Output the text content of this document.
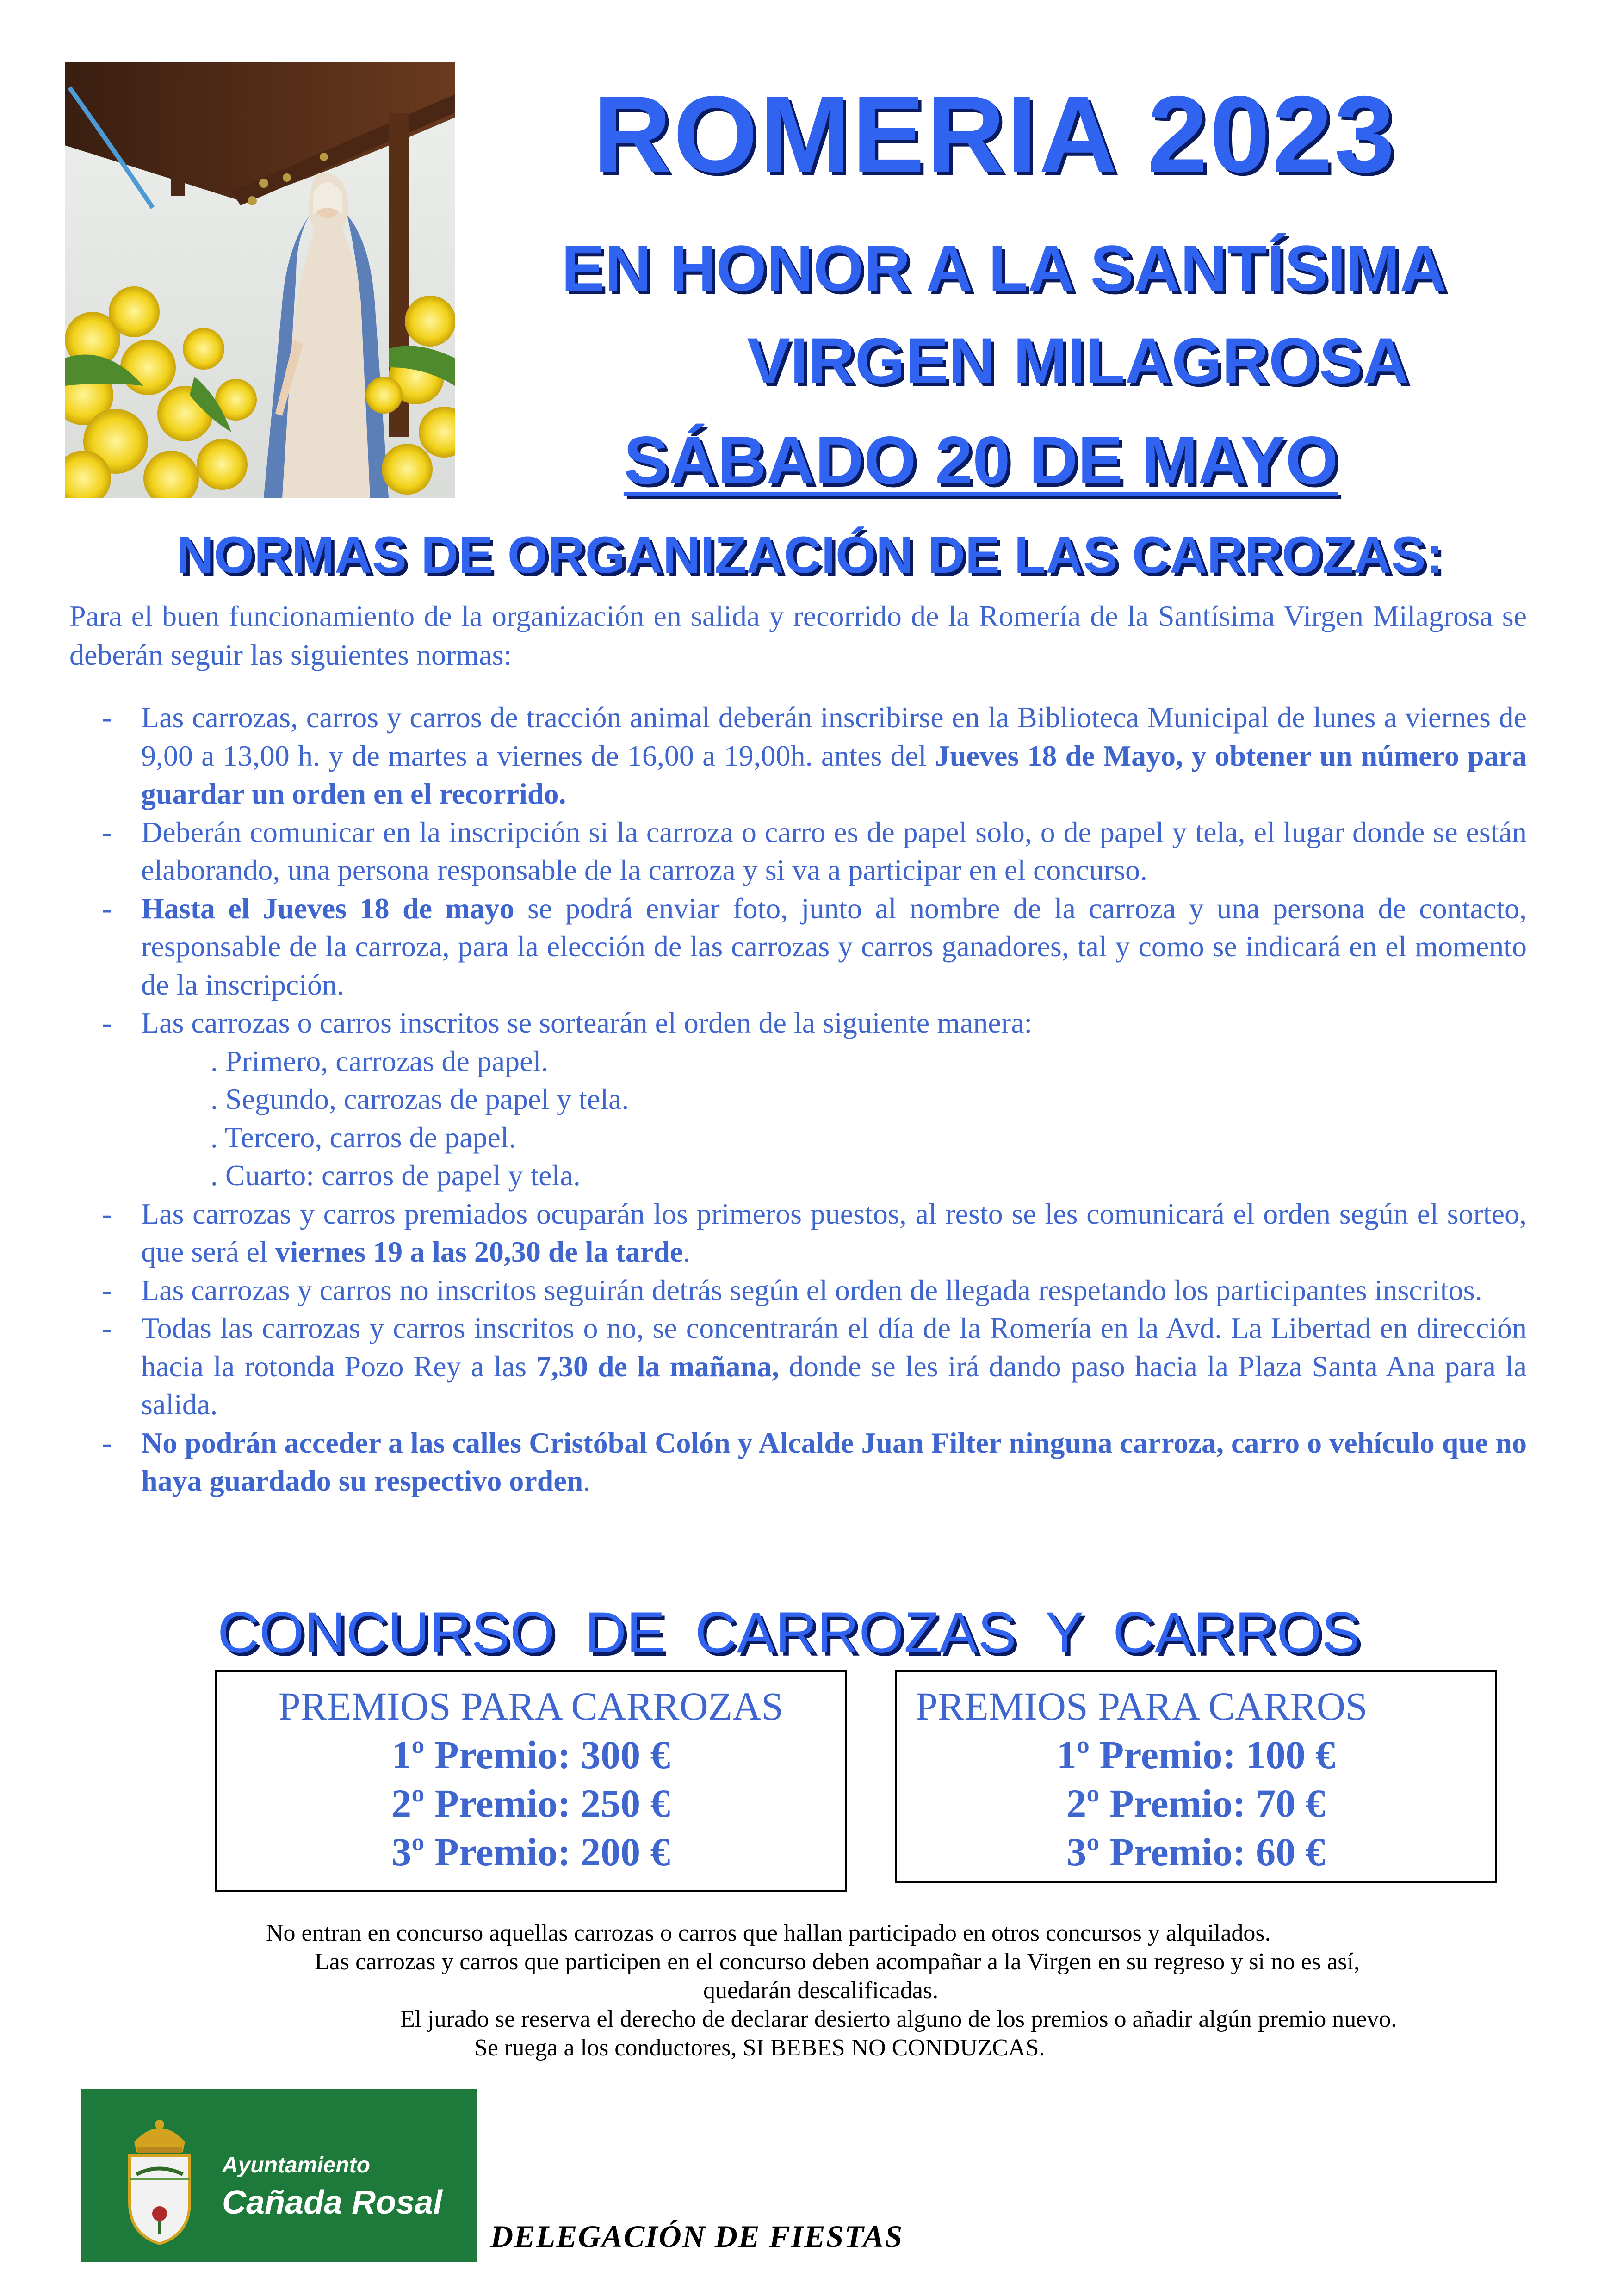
ROMERIA 2023
EN HONOR A LA SANTÍSIMA
VIRGEN MILAGROSA
SÁBADO 20 DE MAYO
NORMAS DE ORGANIZACIÓN DE LAS CARROZAS:
Para el buen funcionamiento de la organización en salida y recorrido de la Romería de la Santísima Virgen Milagrosa se deberán seguir las siguientes normas:
- Las carrozas, carros y carros de tracción animal deberán inscribirse en la Biblioteca Municipal de lunes a viernes de 9,00 a 13,00 h. y de martes a viernes de 16,00 a 19,00h. antes del Jueves 18 de Mayo, y obtener un número para guardar un orden en el recorrido.
- Deberán comunicar en la inscripción si la carroza o carro es de papel solo, o de papel y tela, el lugar donde se están elaborando, una persona responsable de la carroza y si va a participar en el concurso.
- Hasta el Jueves 18 de mayo se podrá enviar foto, junto al nombre de la carroza y una persona de contacto, responsable de la carroza, para la elección de las carrozas y carros ganadores, tal y como se indicará en el momento de la inscripción.
- Las carrozas o carros inscritos se sortearán el orden de la siguiente manera:
. Primero, carrozas de papel.
. Segundo, carrozas de papel y tela.
. Tercero, carros de papel.
. Cuarto: carros de papel y tela.
- Las carrozas y carros premiados ocuparán los primeros puestos, al resto se les comunicará el orden según el sorteo, que será el viernes 19 a las 20,30 de la tarde.
- Las carrozas y carros no inscritos seguirán detrás según el orden de llegada respetando los participantes inscritos.
- Todas las carrozas y carros inscritos o no, se concentrarán el día de la Romería en la Avd. La Libertad en dirección hacia la rotonda Pozo Rey a las 7,30 de la mañana, donde se les irá dando paso hacia la Plaza Santa Ana para la salida.
- No podrán acceder a las calles Cristóbal Colón y Alcalde Juan Filter ninguna carroza, carro o vehículo que no haya guardado su respectivo orden.
CONCURSO DE CARROZAS Y CARROS
PREMIOS PARA CARROZAS
1º Premio: 300 €
2º Premio: 250 €
3º Premio: 200 €
PREMIOS PARA CARROS
1º Premio: 100 €
2º Premio: 70 €
3º Premio: 60 €
No entran en concurso aquellas carrozas o carros que hallan participado en otros concursos y alquilados.
Las carrozas y carros que participen en el concurso deben acompañar a la Virgen en su regreso y si no es así,
quedarán descalificadas.
El jurado se reserva el derecho de declarar desierto alguno de los premios o añadir algún premio nuevo.
Se ruega a los conductores, SI BEBES NO CONDUZCAS.
Ayuntamiento
Cañada Rosal
DELEGACIÓN DE FIESTAS
